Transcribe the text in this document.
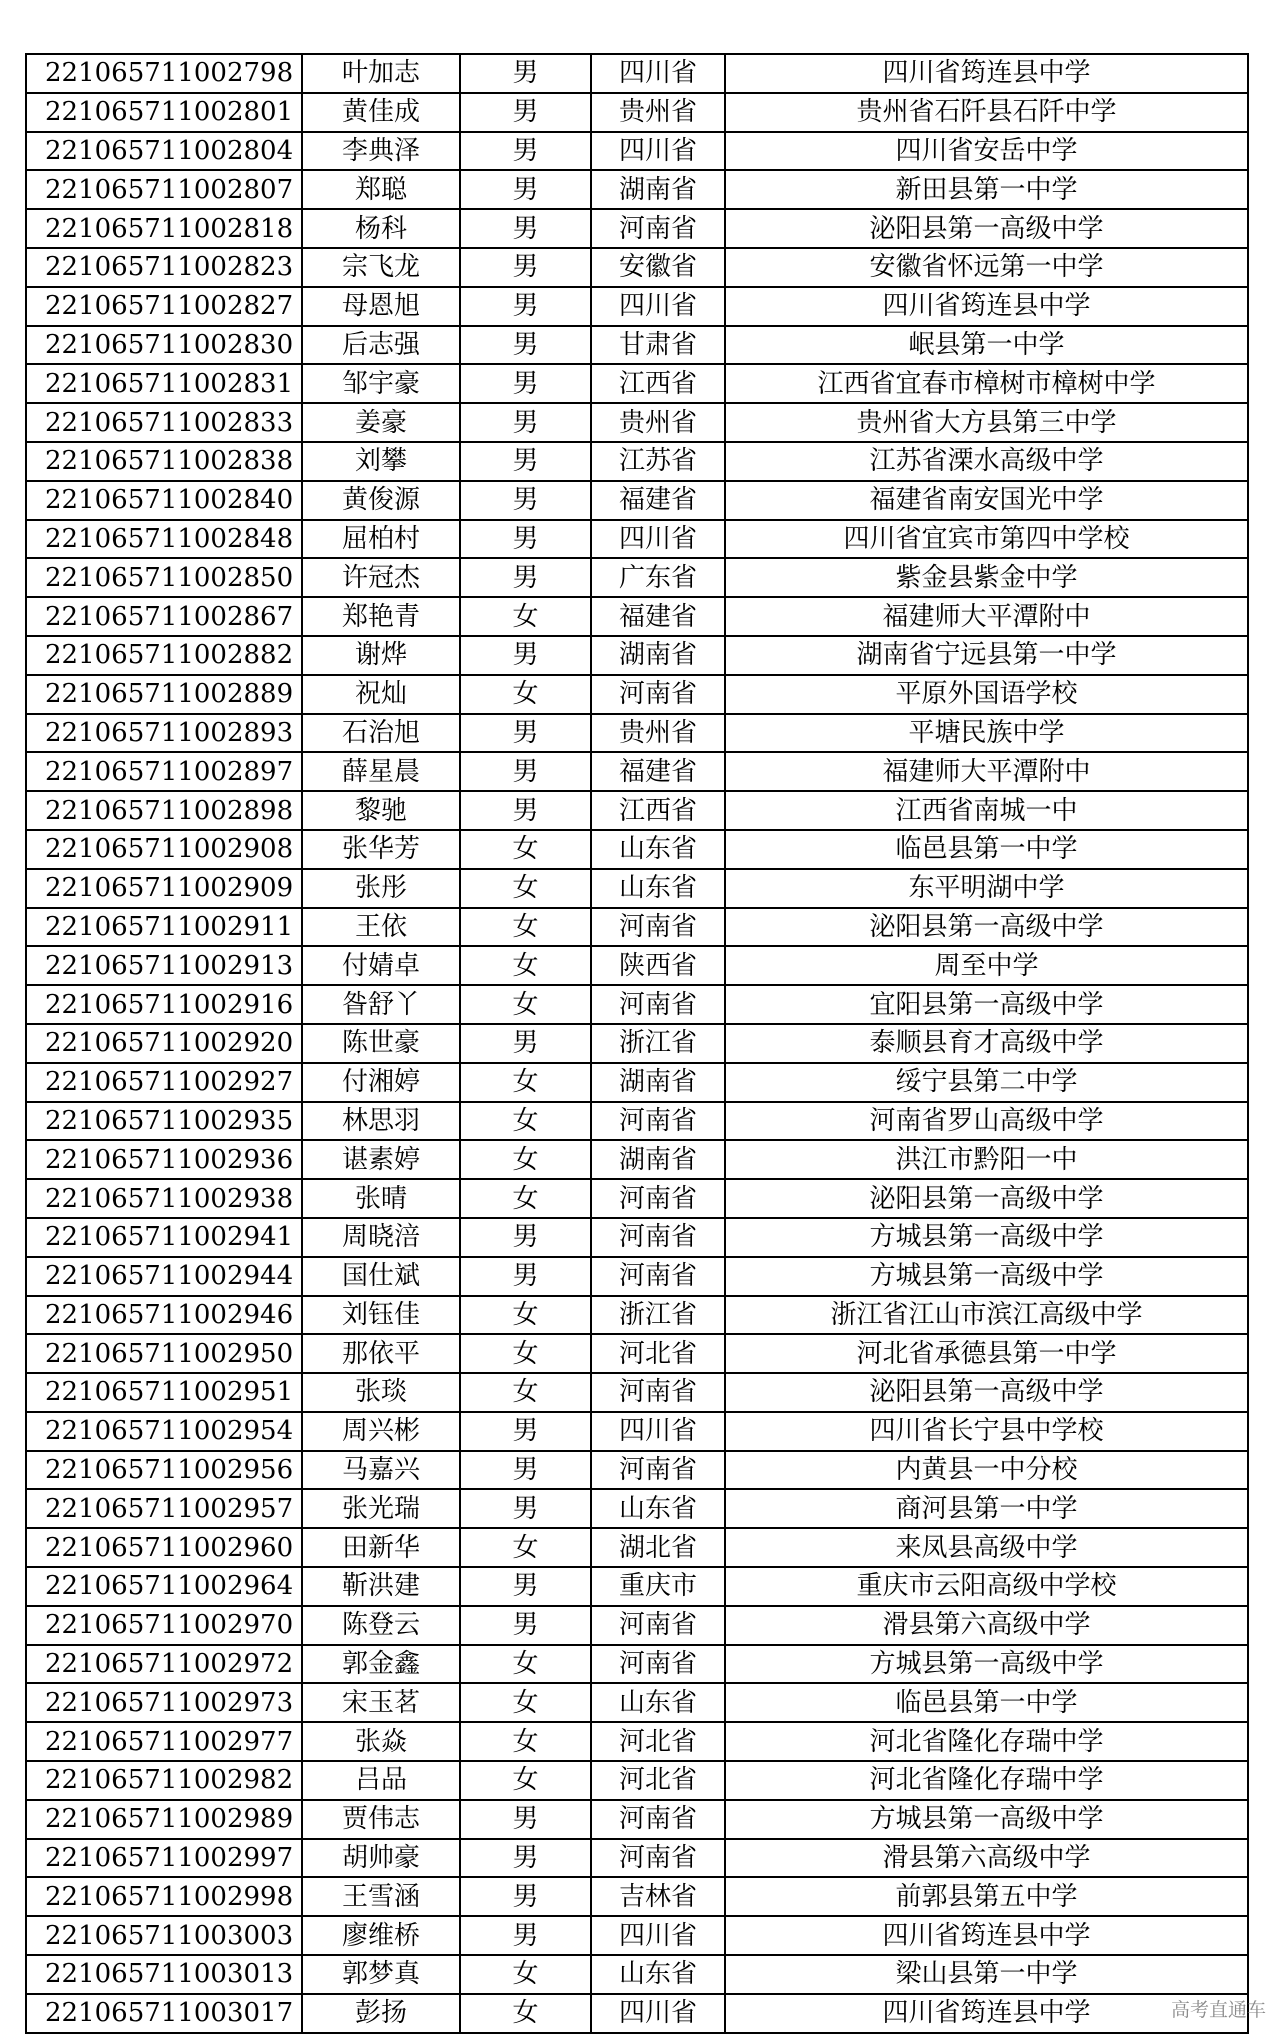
221065711002798	叶加志	男	四川省	四川省筠连县中学
221065711002801	黄佳成	男	贵州省	贵州省石阡县石阡中学
221065711002804	李典泽	男	四川省	四川省安岳中学
221065711002807	郑聪	男	湖南省	新田县第一中学
221065711002818	杨科	男	河南省	泌阳县第一高级中学
221065711002823	宗飞龙	男	安徽省	安徽省怀远第一中学
221065711002827	母恩旭	男	四川省	四川省筠连县中学
221065711002830	后志强	男	甘肃省	岷县第一中学
221065711002831	邹宇豪	男	江西省	江西省宜春市樟树市樟树中学
221065711002833	姜豪	男	贵州省	贵州省大方县第三中学
221065711002838	刘攀	男	江苏省	江苏省溧水高级中学
221065711002840	黄俊源	男	福建省	福建省南安国光中学
221065711002848	屈柏村	男	四川省	四川省宜宾市第四中学校
221065711002850	许冠杰	男	广东省	紫金县紫金中学
221065711002867	郑艳青	女	福建省	福建师大平潭附中
221065711002882	谢烨	男	湖南省	湖南省宁远县第一中学
221065711002889	祝灿	女	河南省	平原外国语学校
221065711002893	石治旭	男	贵州省	平塘民族中学
221065711002897	薛星晨	男	福建省	福建师大平潭附中
221065711002898	黎驰	男	江西省	江西省南城一中
221065711002908	张华芳	女	山东省	临邑县第一中学
221065711002909	张彤	女	山东省	东平明湖中学
221065711002911	王依	女	河南省	泌阳县第一高级中学
221065711002913	付婧卓	女	陕西省	周至中学
221065711002916	昝舒丫	女	河南省	宜阳县第一高级中学
221065711002920	陈世豪	男	浙江省	泰顺县育才高级中学
221065711002927	付湘婷	女	湖南省	绥宁县第二中学
221065711002935	林思羽	女	河南省	河南省罗山高级中学
221065711002936	谌素婷	女	湖南省	洪江市黔阳一中
221065711002938	张晴	女	河南省	泌阳县第一高级中学
221065711002941	周晓涪	男	河南省	方城县第一高级中学
221065711002944	国仕斌	男	河南省	方城县第一高级中学
221065711002946	刘钰佳	女	浙江省	浙江省江山市滨江高级中学
221065711002950	那依平	女	河北省	河北省承德县第一中学
221065711002951	张琰	女	河南省	泌阳县第一高级中学
221065711002954	周兴彬	男	四川省	四川省长宁县中学校
221065711002956	马嘉兴	男	河南省	内黄县一中分校
221065711002957	张光瑞	男	山东省	商河县第一中学
221065711002960	田新华	女	湖北省	来凤县高级中学
221065711002964	靳洪建	男	重庆市	重庆市云阳高级中学校
221065711002970	陈登云	男	河南省	滑县第六高级中学
221065711002972	郭金鑫	女	河南省	方城县第一高级中学
221065711002973	宋玉茗	女	山东省	临邑县第一中学
221065711002977	张焱	女	河北省	河北省隆化存瑞中学
221065711002982	吕品	女	河北省	河北省隆化存瑞中学
221065711002989	贾伟志	男	河南省	方城县第一高级中学
221065711002997	胡帅豪	男	河南省	滑县第六高级中学
221065711002998	王雪涵	男	吉林省	前郭县第五中学
221065711003003	廖维桥	男	四川省	四川省筠连县中学
221065711003013	郭梦真	女	山东省	梁山县第一中学
221065711003017	彭扬	女	四川省	四川省筠连县中学	高考直通车
